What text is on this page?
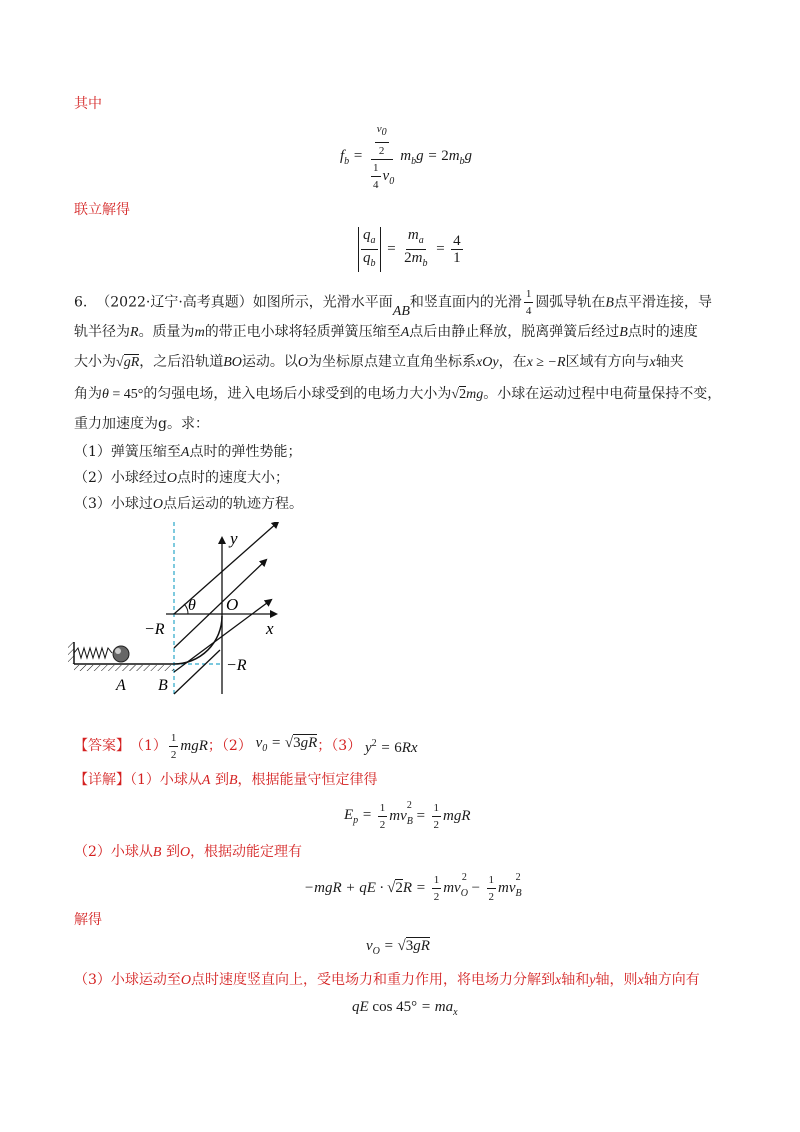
其中
$f_b = \frac{\frac{v_0}{2}}{\frac{1}{4} v_0} m_bg = 2m_bg$
联立解得
$\frac{q_a}{q_b} = \frac{m_a}{2m_b} = \frac{4}{1}$
6. （2022·辽宁·高考真题）如图所示，光滑水平面AB和竖直面内的光滑 $\frac{1}{4}$ 圆弧导轨在B点平滑连接，导
轨半径为R。质量为m的带正电小球将轻质弹簧压缩至A点后由静止释放，脱离弹簧后经过B点时的速度
大小为√gR，之后沿轨道BO运动。以O为坐标原点建立直角坐标系xOy，在x ≥ −R区域有方向与x轴夹
角为θ = 45°的匀强电场，进入电场后小球受到的电场力大小为√2mg。小球在运动过程中电荷量保持不变，
重力加速度为g。求：
（1）弹簧压缩至A点时的弹性势能；
（2）小球经过O点时的速度大小；
（3）小球过O点后运动的轨迹方程。
y
x
O
θ
−R
−R
A B
【答案】 $(1) \frac{1}{2}$ mgR ；（2） $v_0 = √3gR$ ；（3） $y^2 = 6Rx$
【详解】（1）小球从A 到B，根据能量守恒定律得
$E_p = \frac{1}{2} mv_B^2 = \frac{1}{2}$ mgR
（2）小球从B 到O，根据动能定理有
−mgR + qE · $√2R = \frac{1}{2} mv_O^2 - \frac{1}{2} mv_B^2$
解得
$v_O = √3gR$
（3）小球运动至O点时速度竖直向上，受电场力和重力作用，将电场力分解到x轴和y轴，则x轴方向有
qE $\cos 45^\circ = ma_x$
